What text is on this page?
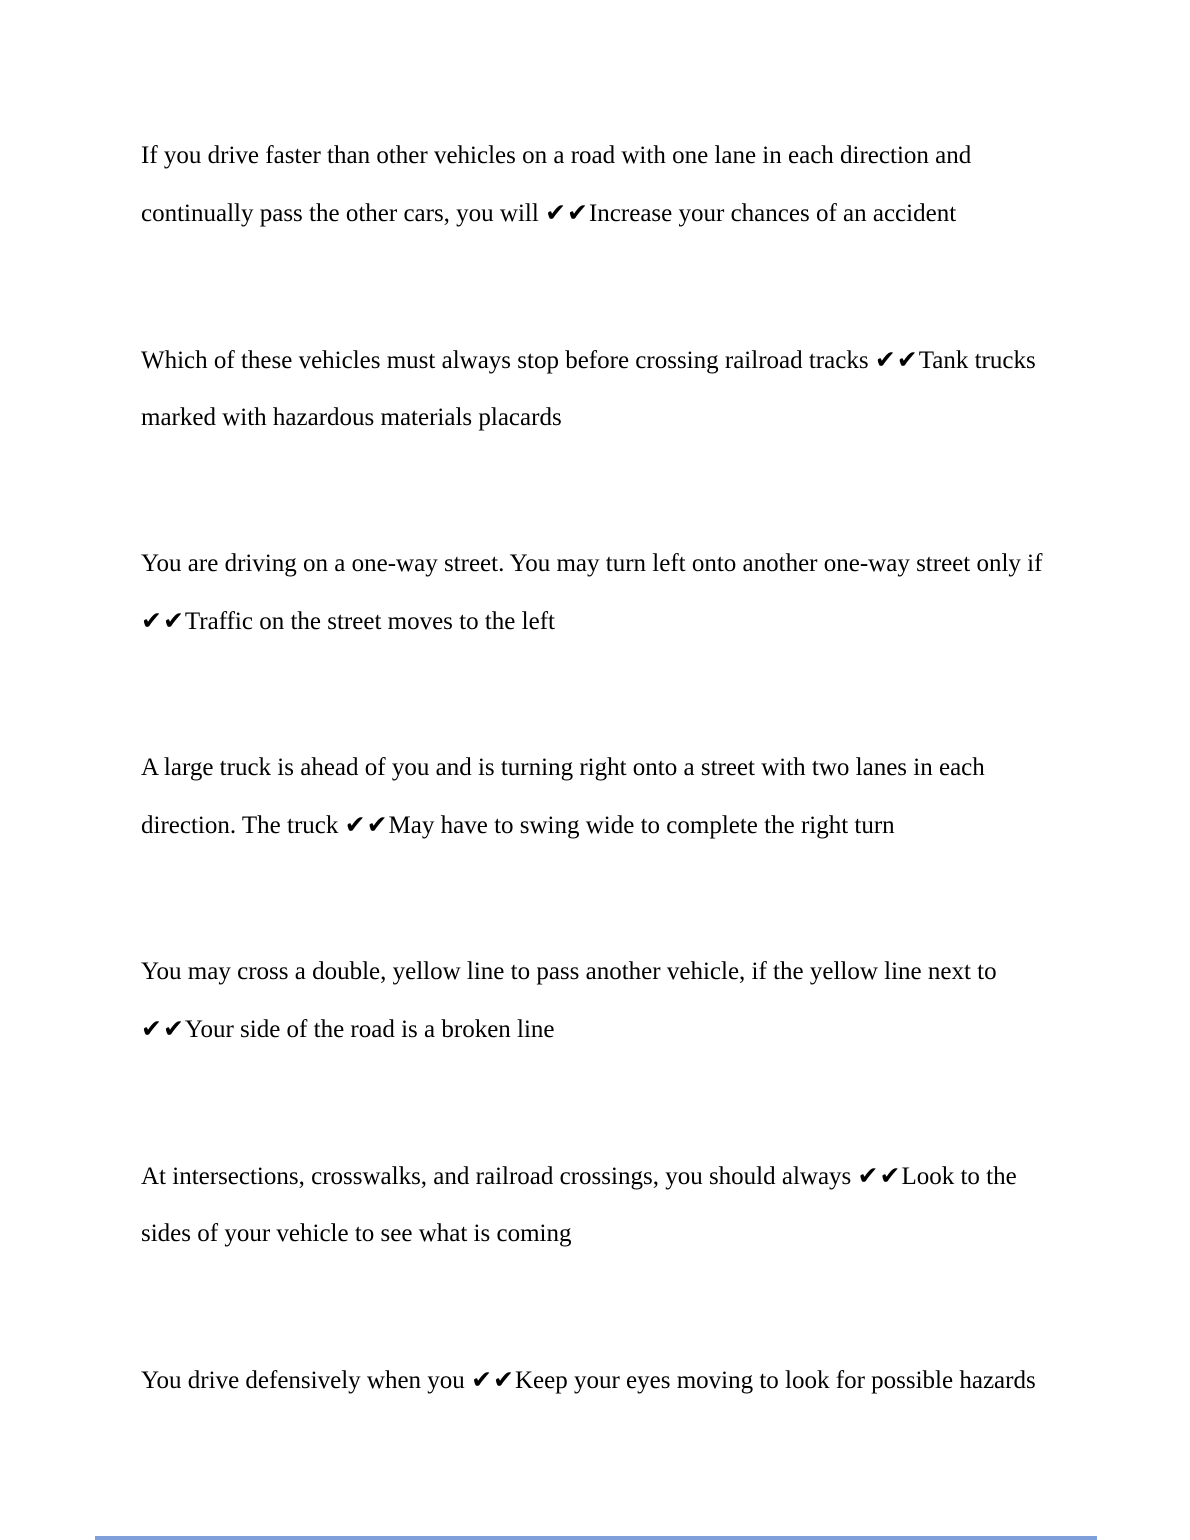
If you drive faster than other vehicles on a road with one lane in each direction and continually pass the other cars, you will ✔✔Increase your chances of an accident

Which of these vehicles must always stop before crossing railroad tracks ✔✔Tank trucks marked with hazardous materials placards

You are driving on a one-way street. You may turn left onto another one-way street only if ✔✔Traffic on the street moves to the left

A large truck is ahead of you and is turning right onto a street with two lanes in each direction. The truck ✔✔May have to swing wide to complete the right turn

You may cross a double, yellow line to pass another vehicle, if the yellow line next to ✔✔Your side of the road is a broken line

At intersections, crosswalks, and railroad crossings, you should always ✔✔Look to the sides of your vehicle to see what is coming

You drive defensively when you ✔✔Keep your eyes moving to look for possible hazards
